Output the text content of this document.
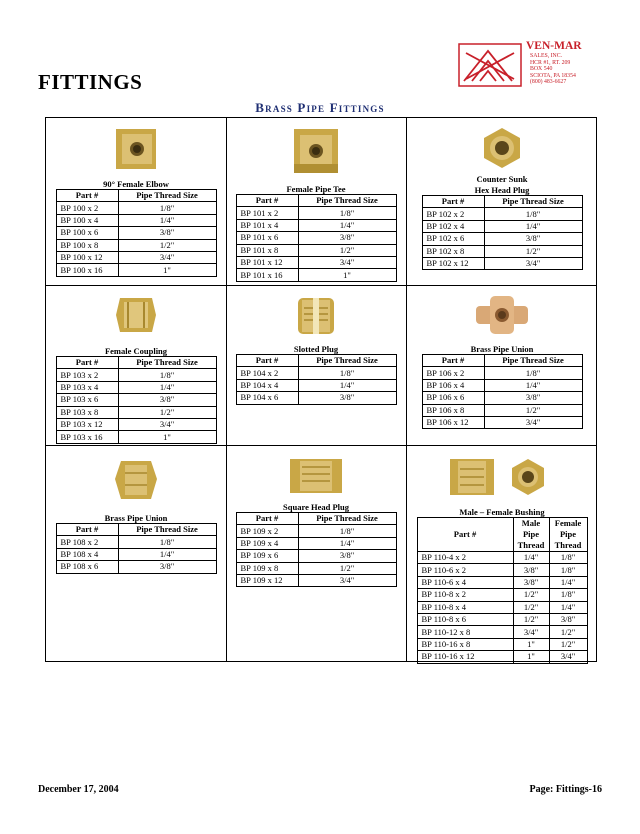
FITTINGS
VEN-MAR
SALES, INC.
HCR #1, RT. 209
BOX 540
SCIOTA, PA 18354
(800) 483-6627
Brass Pipe Fittings
90° Female Elbow
Part #	Pipe Thread Size
BP 100 x 2	1/8"
BP 100 x 4	1/4"
BP 100 x 6	3/8"
BP 100 x 8	1/2"
BP 100 x 12	3/4"
BP 100 x 16	1"
Female Pipe Tee
Part #	Pipe Thread Size
BP 101 x 2	1/8"
BP 101 x 4	1/4"
BP 101 x 6	3/8"
BP 101 x 8	1/2"
BP 101 x 12	3/4"
BP 101 x 16	1"
Counter Sunk
Hex Head Plug
Part #	Pipe Thread Size
BP 102 x 2	1/8"
BP 102 x 4	1/4"
BP 102 x 6	3/8"
BP 102 x 8	1/2"
BP 102 x 12	3/4"
Female Coupling
Part #	Pipe Thread Size
BP 103 x 2	1/8"
BP 103 x 4	1/4"
BP 103 x 6	3/8"
BP 103 x 8	1/2"
BP 103 x 12	3/4"
BP 103 x 16	1"
Slotted Plug
Part #	Pipe Thread Size
BP 104 x 2	1/8"
BP 104 x 4	1/4"
BP 104 x 6	3/8"
Brass Pipe Union
Part #	Pipe Thread Size
BP 106 x 2	1/8"
BP 106 x 4	1/4"
BP 106 x 6	3/8"
BP 106 x 8	1/2"
BP 106 x 12	3/4"
Brass Pipe Union
Part #	Pipe Thread Size
BP 108 x 2	1/8"
BP 108 x 4	1/4"
BP 108 x 6	3/8"
Square Head Plug
Part #	Pipe Thread Size
BP 109 x 2	1/8"
BP 109 x 4	1/4"
BP 109 x 6	3/8"
BP 109 x 8	1/2"
BP 109 x 12	3/4"
Male – Female Bushing
Part #	Male Pipe Thread	Female Pipe Thread
BP 110-4 x 2	1/4"	1/8"
BP 110-6 x 2	3/8"	1/8"
BP 110-6 x 4	3/8"	1/4"
BP 110-8 x 2	1/2"	1/8"
BP 110-8 x 4	1/2"	1/4"
BP 110-8 x 6	1/2"	3/8"
BP 110-12 x 8	3/4"	1/2"
BP 110-16 x 8	1"	1/2"
BP 110-16 x 12	1"	3/4"
December 17, 2004	Page: Fittings-16
